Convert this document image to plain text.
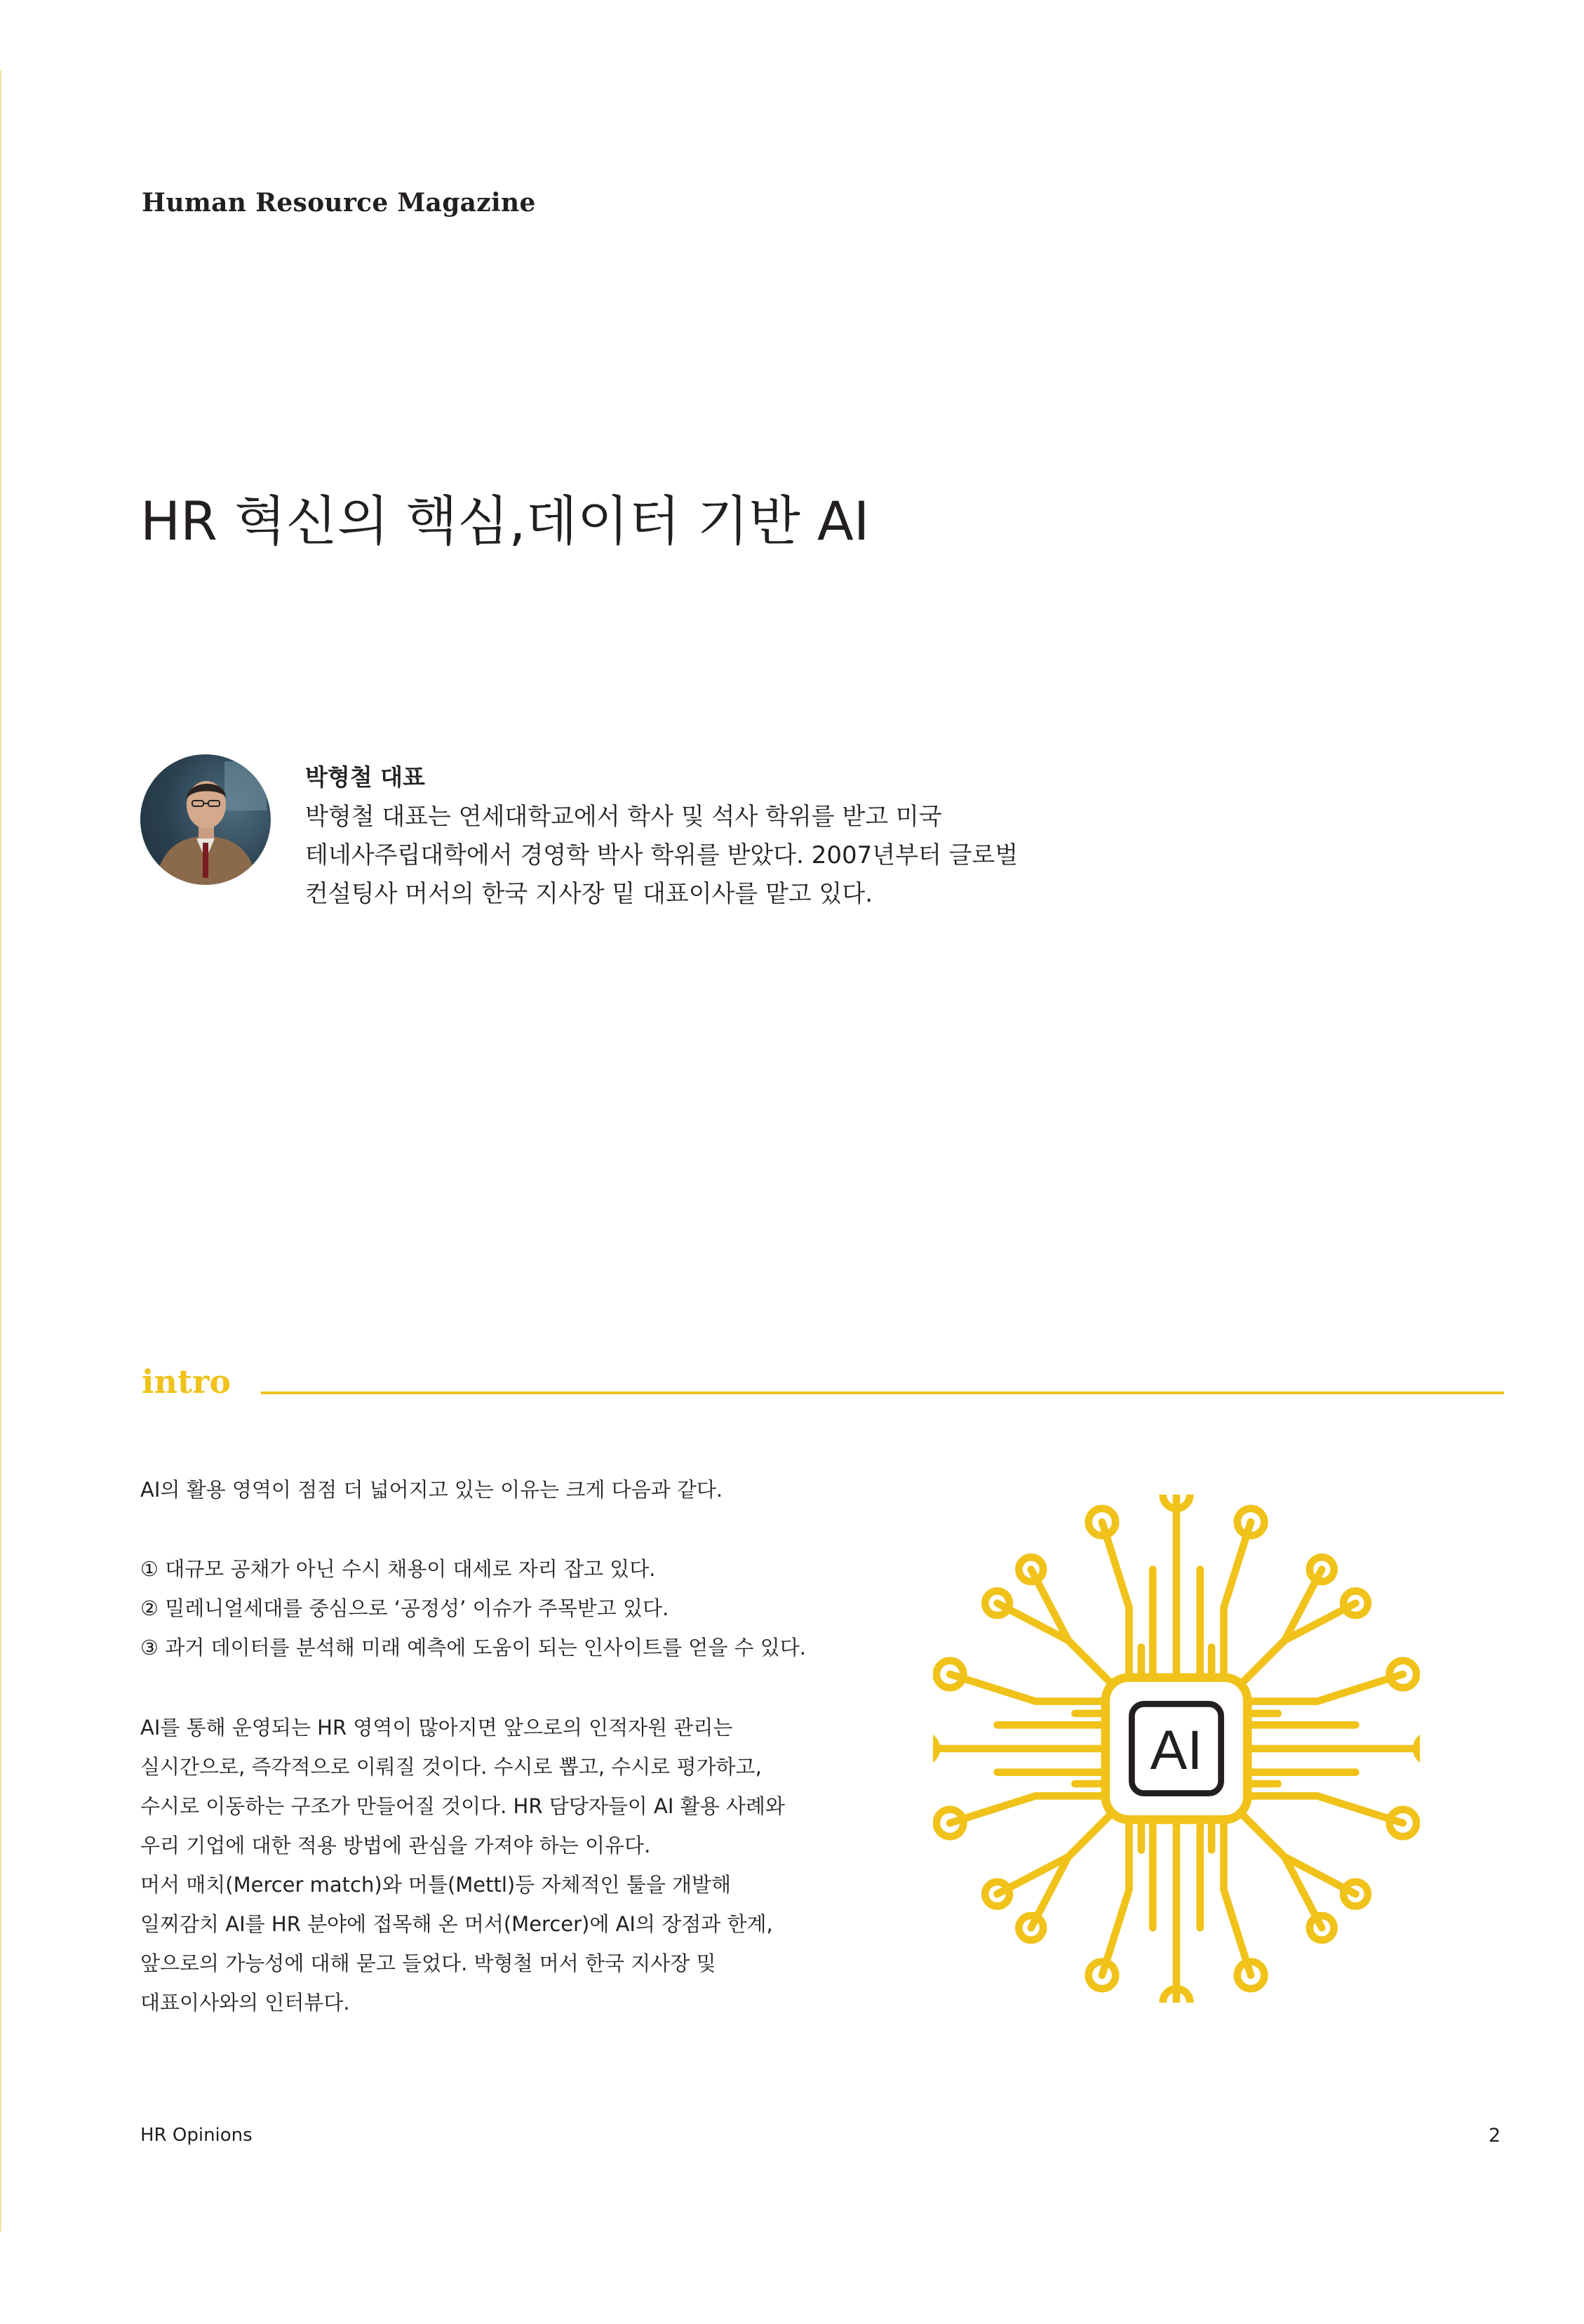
Human Resource Magazine
HR 혁신의 핵심,데이터 기반 AI
박형철 대표
박형철 대표는 연세대학교에서 학사 및 석사 학위를 받고 미국
테네사주립대학에서 경영학 박사 학위를 받았다. 2007년부터 글로벌
컨설팅사 머서의 한국 지사장 밑 대표이사를 맡고 있다.
intro
AI의 활용 영역이 점점 더 넓어지고 있는 이유는 크게 다음과 같다.
① 대규모 공채가 아닌 수시 채용이 대세로 자리 잡고 있다.
② 밀레니얼세대를 중심으로 ‘공정성’ 이슈가 주목받고 있다.
③ 과거 데이터를 분석해 미래 예측에 도움이 되는 인사이트를 얻을 수 있다.
AI를 통해 운영되는 HR 영역이 많아지면 앞으로의 인적자원 관리는
실시간으로, 즉각적으로 이뤄질 것이다. 수시로 뽑고, 수시로 평가하고,
수시로 이동하는 구조가 만들어질 것이다. HR 담당자들이 AI 활용 사례와
우리 기업에 대한 적용 방법에 관심을 가져야 하는 이유다.
머서 매치(Mercer match)와 머틀(Mettl)등 자체적인 툴을 개발해
일찌감치 AI를 HR 분야에 접목해 온 머서(Mercer)에 AI의 장점과 한계,
앞으로의 가능성에 대해 묻고 들었다. 박형철 머서 한국 지사장 및
대표이사와의 인터뷰다.
AI
HR Opinions	2
